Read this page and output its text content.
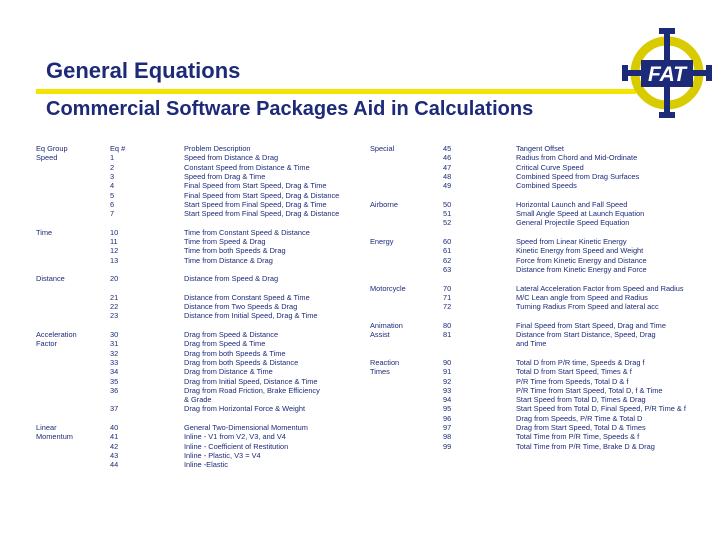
General Equations
Commercial Software Packages Aid in Calculations
FAT
Eq Group	Eq #	Problem Description
Speed	1	Speed from Distance & Drag
2	Constant Speed from Distance & Time
3	Speed from Drag & Time
4	Final Speed from Start Speed, Drag & Time
5	Final Speed from Start Speed, Drag & Distance
6	Start Speed from Final Speed, Drag & Time
7	Start Speed from Final Speed, Drag & Distance
Time	10	Time from Constant Speed & Distance
11	Time from Speed & Drag
12	Time from both Speeds & Drag
13	Time from Distance & Drag
Distance	20	Distance from Speed & Drag
21	Distance from Constant Speed & Time
22	Distance from Two Speeds & Drag
23	Distance from Initial Speed, Drag & Time
Acceleration	30	Drag from Speed & Distance
Factor	31	Drag from Speed & Time
32	Drag from both Speeds & Time
33	Drag from both Speeds & Distance
34	Drag from Distance & Time
35	Drag from Initial Speed, Distance & Time
36	Drag from Road Friction, Brake Efficiency
& Grade
37	Drag from Horizontal Force & Weight
Linear	40	General Two-Dimensional Momentum
Momentum	41	Inline - V1 from V2, V3, and V4
42	Inline - Coefficient of Restitution
43	Inline - Plastic, V3 = V4
44	Inline -Elastic
Special	45	Tangent Offset
46	Radius from Chord and Mid-Ordinate
47	Critical Curve Speed
48	Combined Speed from Drag Surfaces
49	Combined Speeds
Airborne	50	Horizontal Launch and Fall Speed
51	Small Angle Speed at Launch Equation
52	General Projectile Speed Equation
Energy	60	Speed from Linear Kinetic Energy
61	Kinetic Energy from Speed and Weight
62	Force from Kinetic Energy and Distance
63	Distance from Kinetic Energy and Force
Motorcycle	70	Lateral Acceleration Factor from Speed and Radius
71	M/C Lean angle from Speed and Radius
72	Turning Radius From Speed and lateral acc
Animation	80	Final Speed from Start Speed, Drag and Time
Assist	81	Distance from Start Distance, Speed, Drag
and Time
Reaction	90	Total D from P/R time, Speeds & Drag f
Times	91	Total D from Start Speed, Times & f
92	P/R Time from Speeds, Total D & f
93	P/R Time from Start Speed, Total D, f & Time
94	Start Speed from Total D, Times & Drag
95	Start Speed from Total D, Final Speed, P/R Time & f
96	Drag from Speeds, P/R Time & Total D
97	Drag from Start Speed, Total D & Times
98	Total Time from P/R Time, Speeds & f
99	Total Time from P/R Time, Brake D & Drag
